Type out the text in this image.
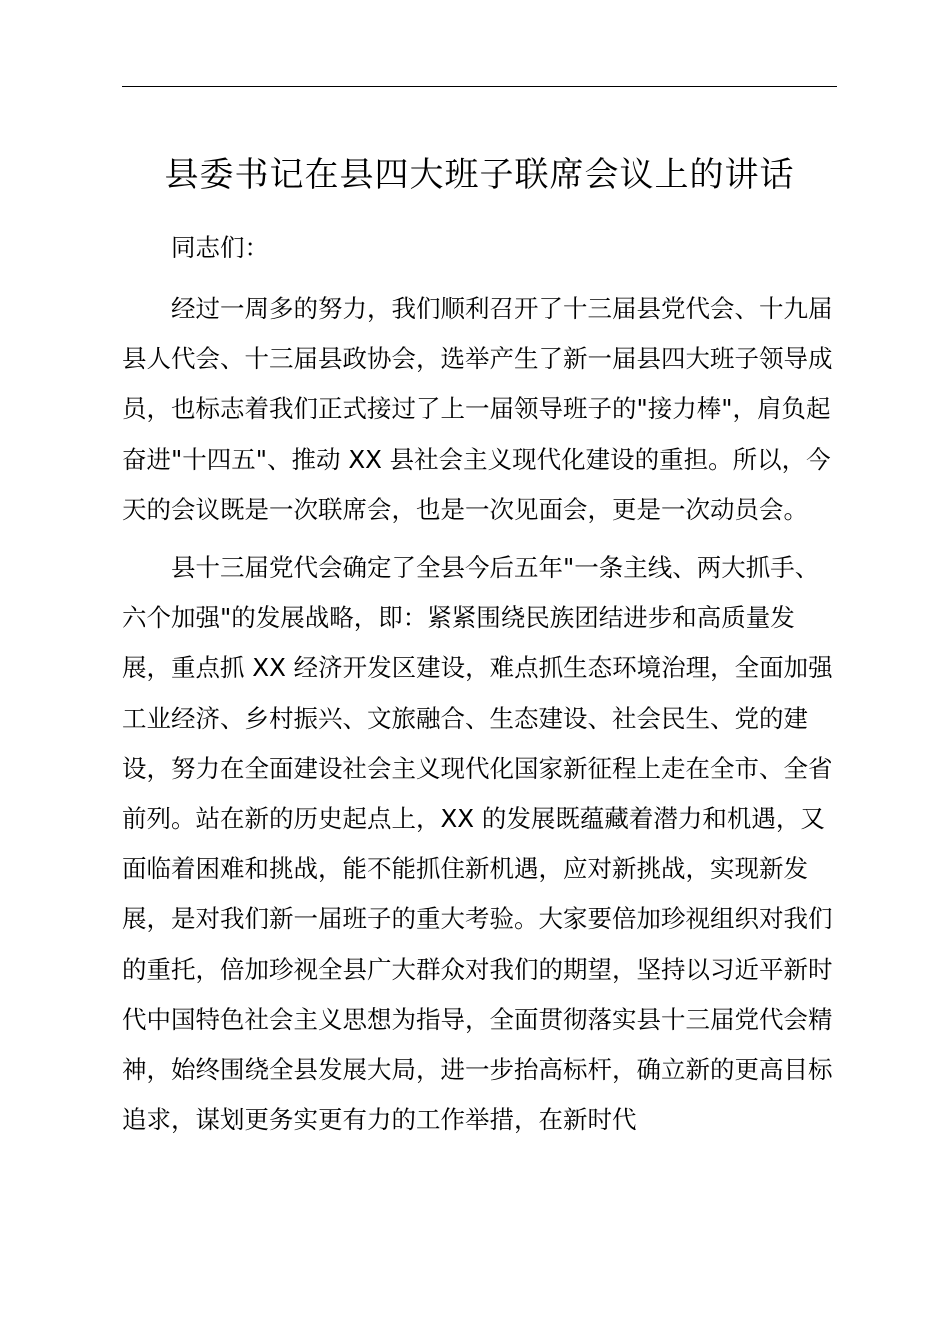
县委书记在县四大班子联席会议上的讲话

同志们：

经过一周多的努力，我们顺利召开了十三届县党代会、十九届县人代会、十三届县政协会，选举产生了新一届县四大班子领导成员，也标志着我们正式接过了上一届领导班子的"接力棒"，肩负起奋进"十四五"、推动 XX 县社会主义现代化建设的重担。所以，今天的会议既是一次联席会，也是一次见面会，更是一次动员会。

县十三届党代会确定了全县今后五年"一条主线、两大抓手、六个加强"的发展战略，即：紧紧围绕民族团结进步和高质量发展，重点抓 XX 经济开发区建设，难点抓生态环境治理，全面加强工业经济、乡村振兴、文旅融合、生态建设、社会民生、党的建设，努力在全面建设社会主义现代化国家新征程上走在全市、全省前列。站在新的历史起点上，XX 的发展既蕴藏着潜力和机遇，又面临着困难和挑战，能不能抓住新机遇，应对新挑战，实现新发展，是对我们新一届班子的重大考验。大家要倍加珍视组织对我们的重托，倍加珍视全县广大群众对我们的期望，坚持以习近平新时代中国特色社会主义思想为指导，全面贯彻落实县十三届党代会精神，始终围绕全县发展大局，进一步抬高标杆，确立新的更高目标追求，谋划更务实更有力的工作举措，在新时代
